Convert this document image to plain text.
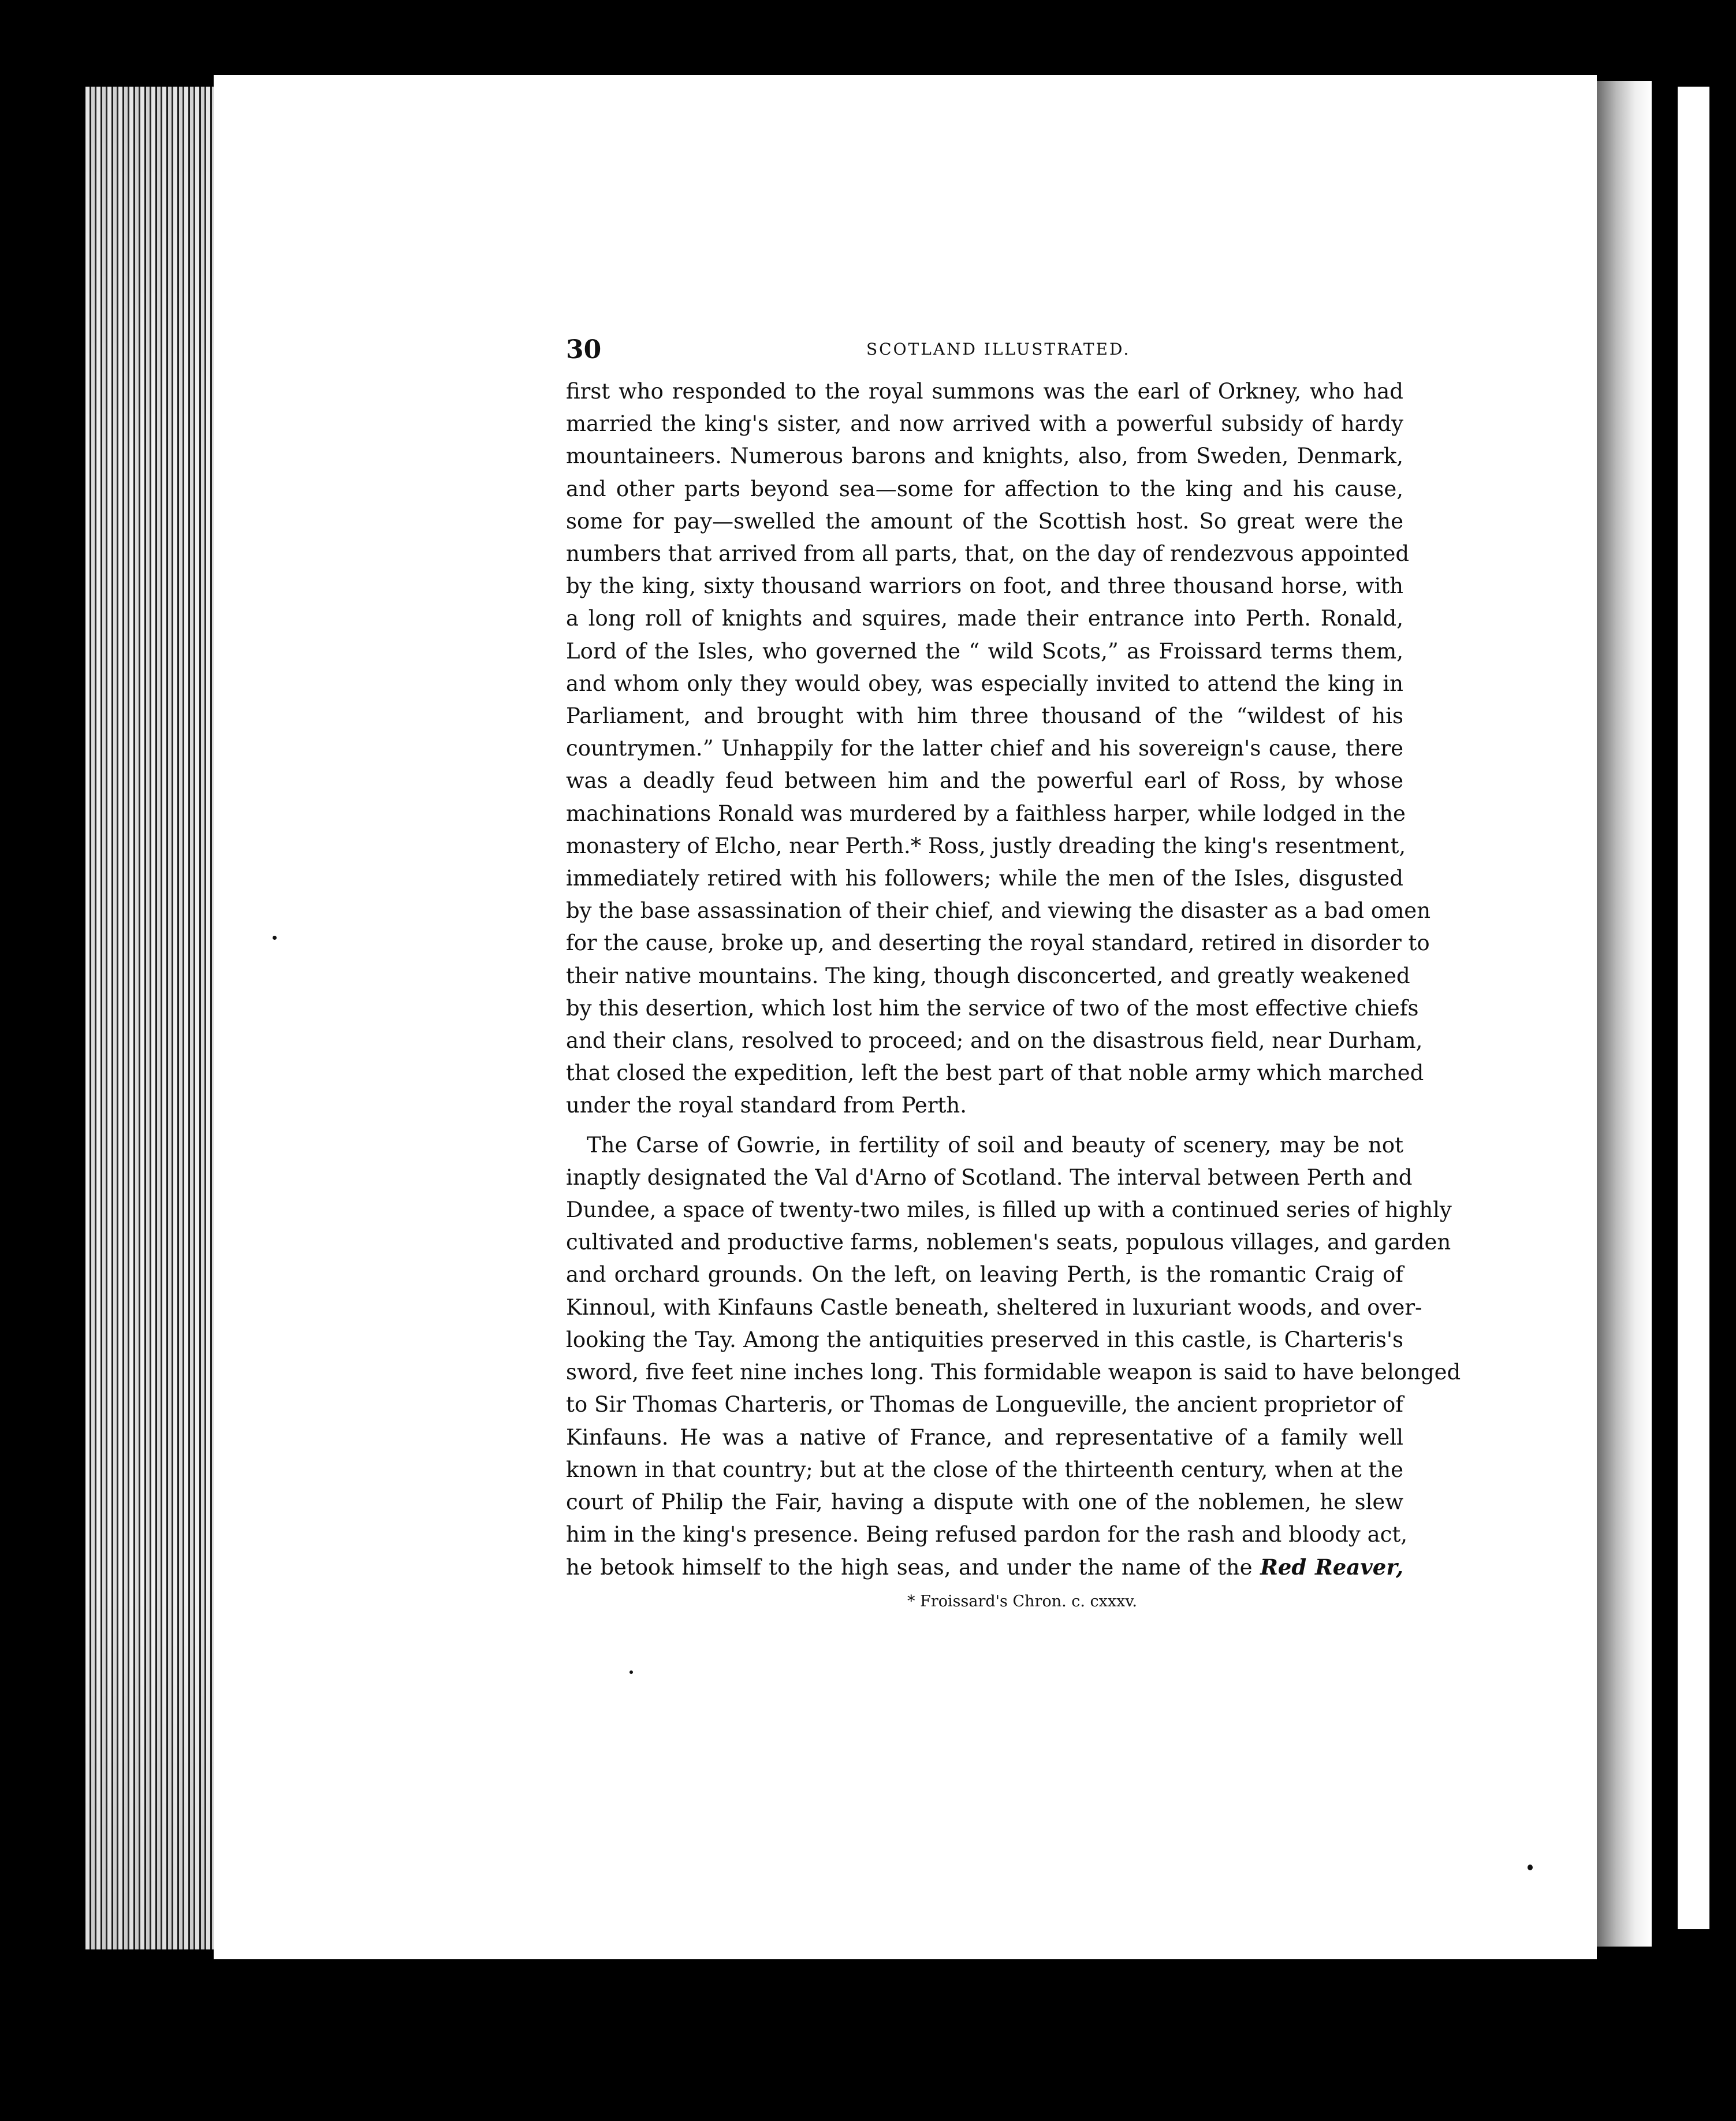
30	SCOTLAND ILLUSTRATED.

first who responded to the royal summons was the earl of Orkney, who had
married the king's sister, and now arrived with a powerful subsidy of hardy
mountaineers. Numerous barons and knights, also, from Sweden, Denmark,
and other parts beyond sea—some for affection to the king and his cause,
some for pay—swelled the amount of the Scottish host. So great were the
numbers that arrived from all parts, that, on the day of rendezvous appointed
by the king, sixty thousand warriors on foot, and three thousand horse, with
a long roll of knights and squires, made their entrance into Perth. Ronald,
Lord of the Isles, who governed the “ wild Scots,” as Froissard terms them,
and whom only they would obey, was especially invited to attend the king in
Parliament, and brought with him three thousand of the “wildest of his
countrymen.” Unhappily for the latter chief and his sovereign's cause, there
was a deadly feud between him and the powerful earl of Ross, by whose
machinations Ronald was murdered by a faithless harper, while lodged in the
monastery of Elcho, near Perth.* Ross, justly dreading the king's resentment,
immediately retired with his followers; while the men of the Isles, disgusted
by the base assassination of their chief, and viewing the disaster as a bad omen
for the cause, broke up, and deserting the royal standard, retired in disorder to
their native mountains. The king, though disconcerted, and greatly weakened
by this desertion, which lost him the service of two of the most effective chiefs
and their clans, resolved to proceed; and on the disastrous field, near Durham,
that closed the expedition, left the best part of that noble army which marched
under the royal standard from Perth.

The Carse of Gowrie, in fertility of soil and beauty of scenery, may be not
inaptly designated the Val d'Arno of Scotland. The interval between Perth and
Dundee, a space of twenty-two miles, is filled up with a continued series of highly
cultivated and productive farms, noblemen's seats, populous villages, and garden
and orchard grounds. On the left, on leaving Perth, is the romantic Craig of
Kinnoul, with Kinfauns Castle beneath, sheltered in luxuriant woods, and over-
looking the Tay. Among the antiquities preserved in this castle, is Charteris's
sword, five feet nine inches long. This formidable weapon is said to have belonged
to Sir Thomas Charteris, or Thomas de Longueville, the ancient proprietor of
Kinfauns. He was a native of France, and representative of a family well
known in that country; but at the close of the thirteenth century, when at the
court of Philip the Fair, having a dispute with one of the noblemen, he slew
him in the king's presence. Being refused pardon for the rash and bloody act,
he betook himself to the high seas, and under the name of the Red Reaver,

* Froissard's Chron. c. cxxxv.
